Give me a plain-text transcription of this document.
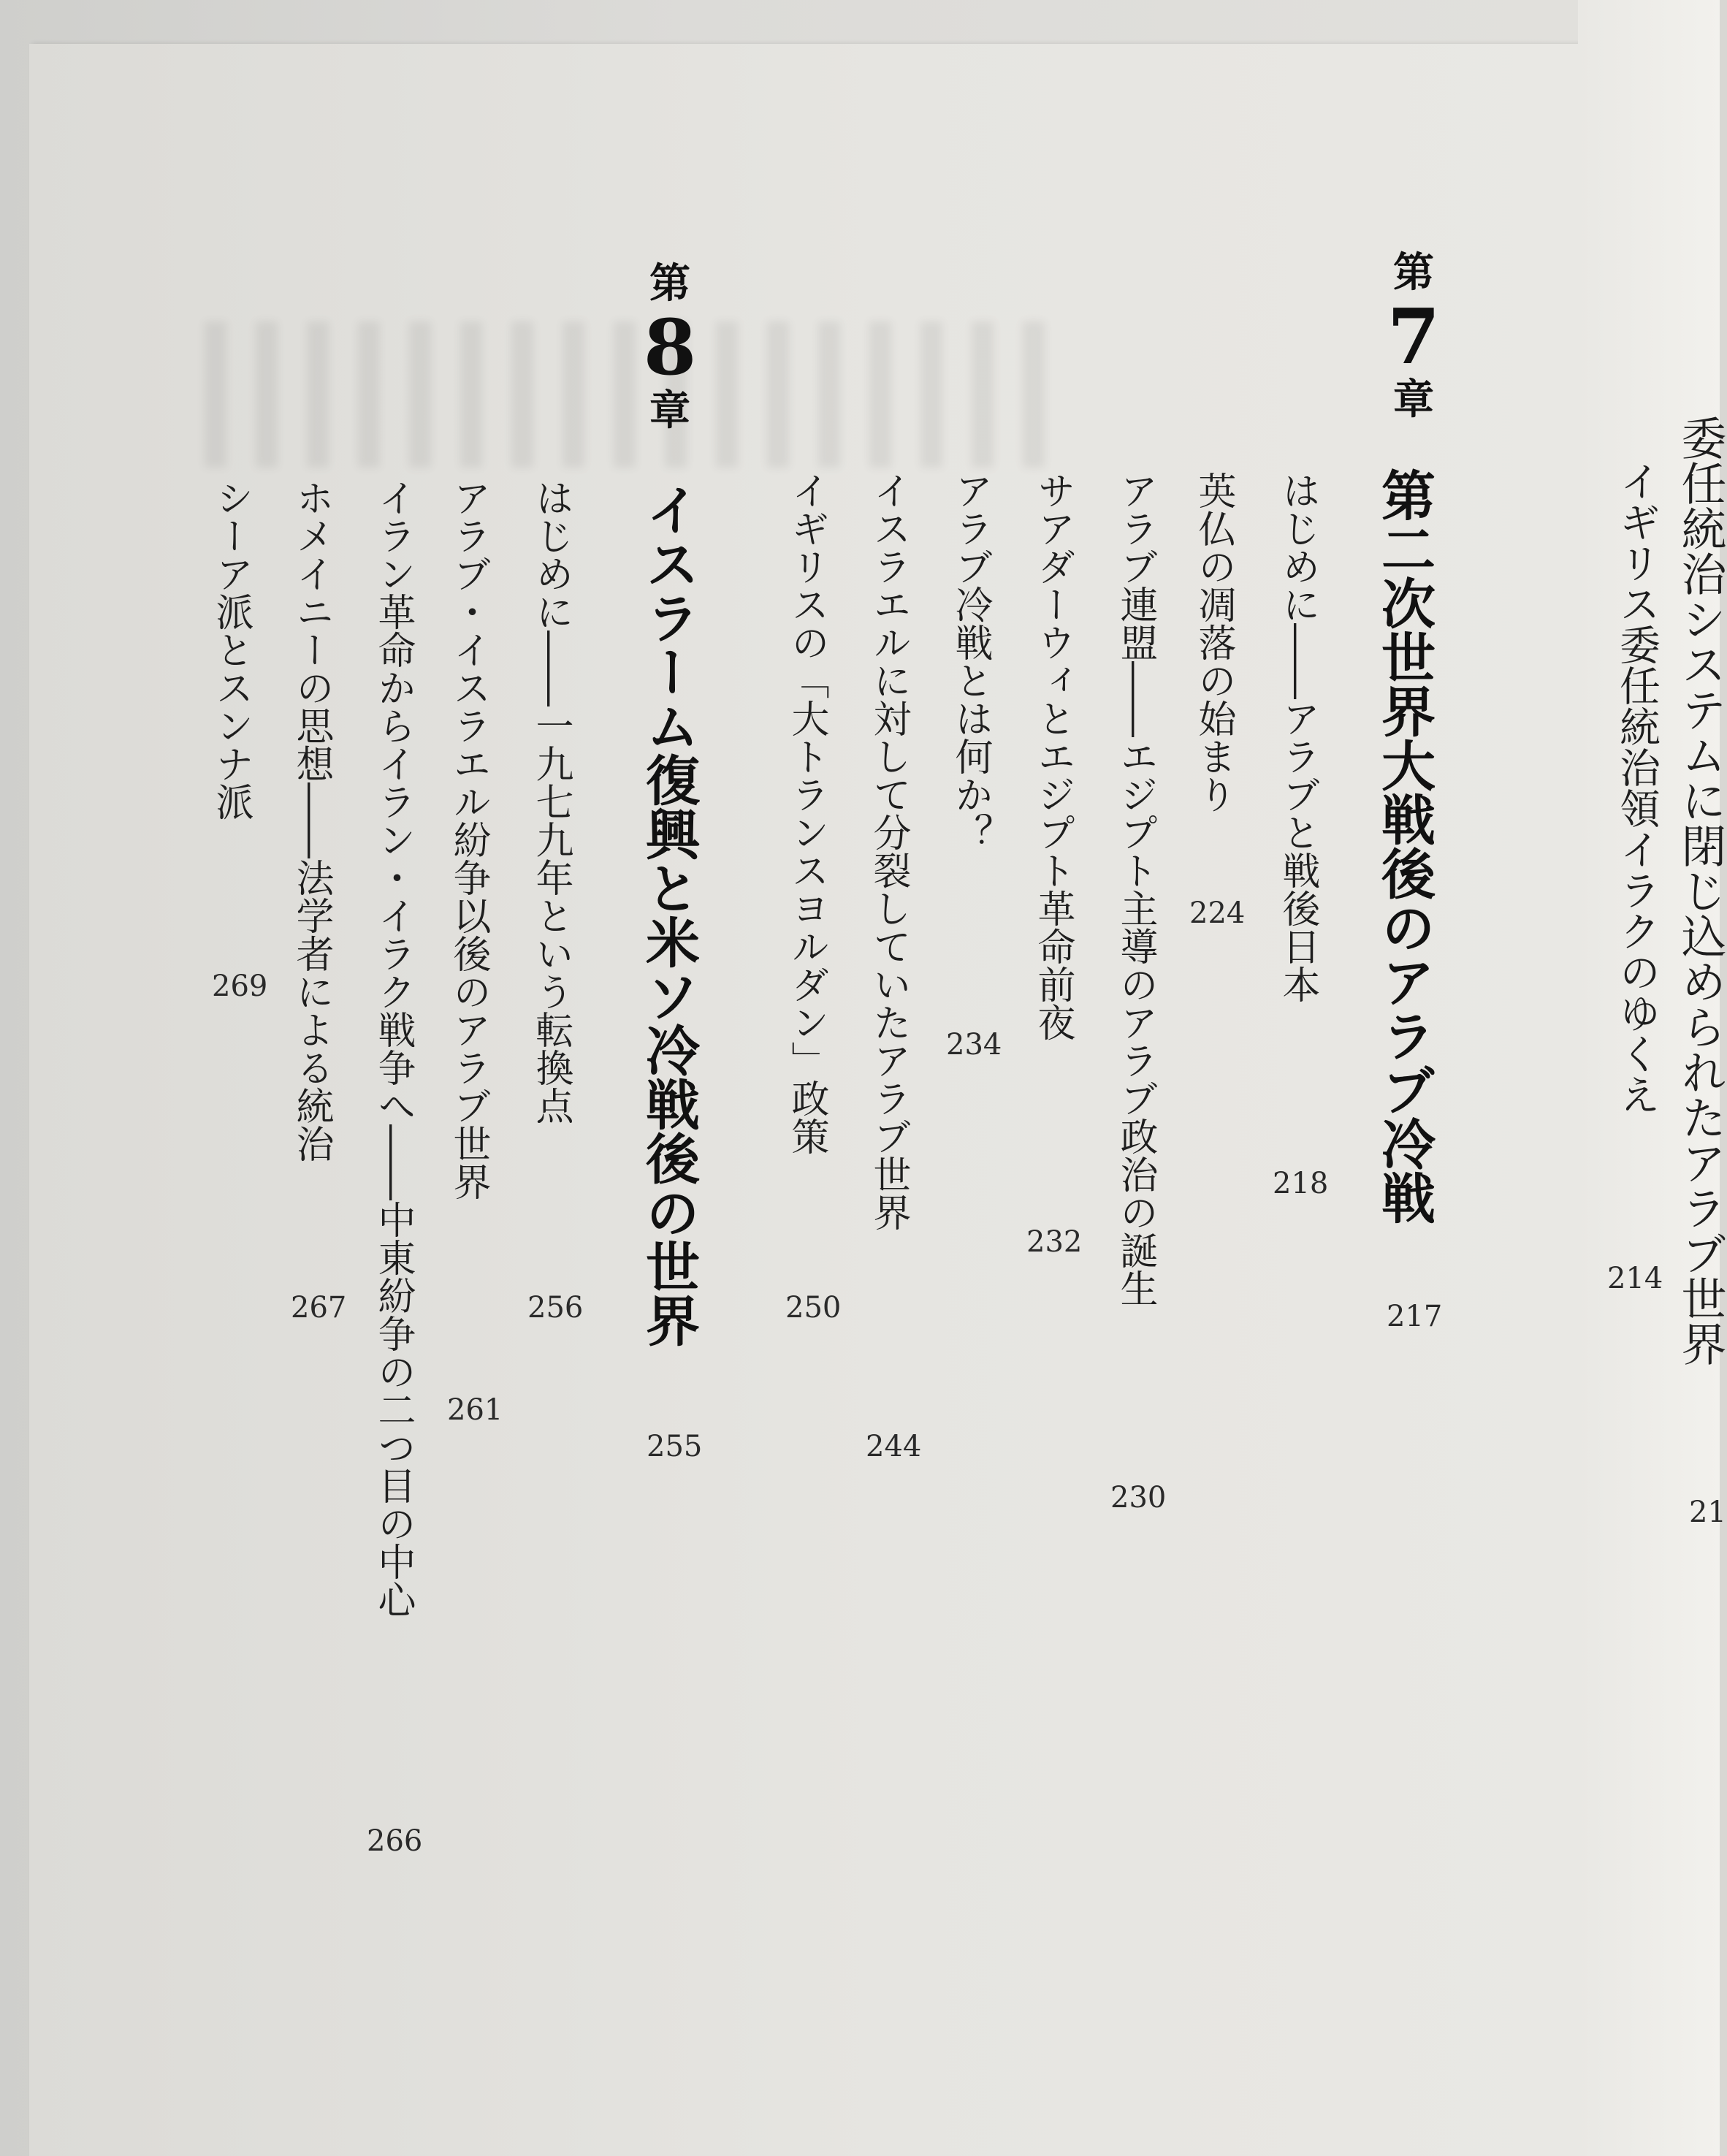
委任統治システムに閉じ込められたアラブ世界
21
イギリス委任統治領イラクのゆくえ
214
第
7
章
第二次世界大戦後のアラブ冷戦
217
はじめに――アラブと戦後日本
218
英仏の凋落の始まり
224
アラブ連盟――エジプト主導のアラブ政治の誕生
230
サアダーウィとエジプト革命前夜
232
アラブ冷戦とは何か？
234
イスラエルに対して分裂していたアラブ世界
244
イギリスの「大トランスヨルダン」政策
250
第
8
章
イスラーム復興と米ソ冷戦後の世界
255
はじめに――一九七九年という転換点
256
アラブ・イスラエル紛争以後のアラブ世界
261
イラン革命からイラン・イラク戦争へ――中東紛争の二つ目の中心
266
ホメイニーの思想――法学者による統治
267
シーア派とスンナ派
269
